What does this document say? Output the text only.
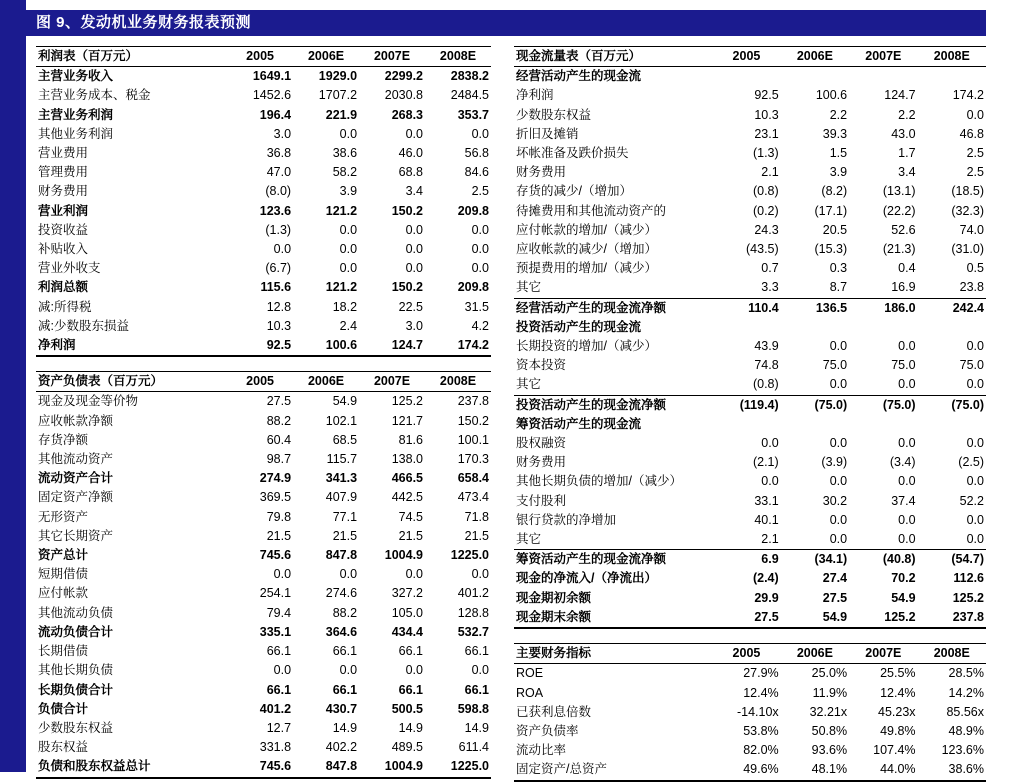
图 9、发动机业务财务报表预测
利润表（百万元）	2005	2006E	2007E	2008E
主营业务收入	1649.1	1929.0	2299.2	2838.2
主营业务成本、税金	1452.6	1707.2	2030.8	2484.5
主营业务利润	196.4	221.9	268.3	353.7
其他业务利润	3.0	0.0	0.0	0.0
营业费用	36.8	38.6	46.0	56.8
管理费用	47.0	58.2	68.8	84.6
财务费用	(8.0)	3.9	3.4	2.5
营业利润	123.6	121.2	150.2	209.8
投资收益	(1.3)	0.0	0.0	0.0
补贴收入	0.0	0.0	0.0	0.0
营业外收支	(6.7)	0.0	0.0	0.0
利润总额	115.6	121.2	150.2	209.8
减:所得税	12.8	18.2	22.5	31.5
减:少数股东损益	10.3	2.4	3.0	4.2
净利润	92.5	100.6	124.7	174.2
资产负债表（百万元）	2005	2006E	2007E	2008E
现金及现金等价物	27.5	54.9	125.2	237.8
应收帐款净额	88.2	102.1	121.7	150.2
存货净额	60.4	68.5	81.6	100.1
其他流动资产	98.7	115.7	138.0	170.3
流动资产合计	274.9	341.3	466.5	658.4
固定资产净额	369.5	407.9	442.5	473.4
无形资产	79.8	77.1	74.5	71.8
其它长期资产	21.5	21.5	21.5	21.5
资产总计	745.6	847.8	1004.9	1225.0
短期借债	0.0	0.0	0.0	0.0
应付帐款	254.1	274.6	327.2	401.2
其他流动负债	79.4	88.2	105.0	128.8
流动负债合计	335.1	364.6	434.4	532.7
长期借债	66.1	66.1	66.1	66.1
其他长期负债	0.0	0.0	0.0	0.0
长期负债合计	66.1	66.1	66.1	66.1
负债合计	401.2	430.7	500.5	598.8
少数股东权益	12.7	14.9	14.9	14.9
股东权益	331.8	402.2	489.5	611.4
负债和股东权益总计	745.6	847.8	1004.9	1225.0
现金流量表（百万元）	2005	2006E	2007E	2008E
经营活动产生的现金流				
净利润	92.5	100.6	124.7	174.2
少数股东权益	10.3	2.2	2.2	0.0
折旧及摊销	23.1	39.3	43.0	46.8
坏帐准备及跌价损失	(1.3)	1.5	1.7	2.5
财务费用	2.1	3.9	3.4	2.5
存货的减少/（增加）	(0.8)	(8.2)	(13.1)	(18.5)
待摊费用和其他流动资产的	(0.2)	(17.1)	(22.2)	(32.3)
应付帐款的增加/（减少）	24.3	20.5	52.6	74.0
应收帐款的减少/（增加）	(43.5)	(15.3)	(21.3)	(31.0)
预提费用的增加/（减少）	0.7	0.3	0.4	0.5
其它	3.3	8.7	16.9	23.8
经营活动产生的现金流净额	110.4	136.5	186.0	242.4
投资活动产生的现金流				
长期投资的增加/（减少）	43.9	0.0	0.0	0.0
资本投资	74.8	75.0	75.0	75.0
其它	(0.8)	0.0	0.0	0.0
投资活动产生的现金流净额	(119.4)	(75.0)	(75.0)	(75.0)
筹资活动产生的现金流				
股权融资	0.0	0.0	0.0	0.0
财务费用	(2.1)	(3.9)	(3.4)	(2.5)
其他长期负债的增加/（减少）	0.0	0.0	0.0	0.0
支付股利	33.1	30.2	37.4	52.2
银行贷款的净增加	40.1	0.0	0.0	0.0
其它	2.1	0.0	0.0	0.0
筹资活动产生的现金流净额	6.9	(34.1)	(40.8)	(54.7)
现金的净流入/（净流出）	(2.4)	27.4	70.2	112.6
现金期初余额	29.9	27.5	54.9	125.2
现金期末余额	27.5	54.9	125.2	237.8
主要财务指标	2005	2006E	2007E	2008E
ROE	27.9%	25.0%	25.5%	28.5%
ROA	12.4%	11.9%	12.4%	14.2%
已获利息倍数	-14.10x	32.21x	45.23x	85.56x
资产负债率	53.8%	50.8%	49.8%	48.9%
流动比率	82.0%	93.6%	107.4%	123.6%
固定资产/总资产	49.6%	48.1%	44.0%	38.6%
